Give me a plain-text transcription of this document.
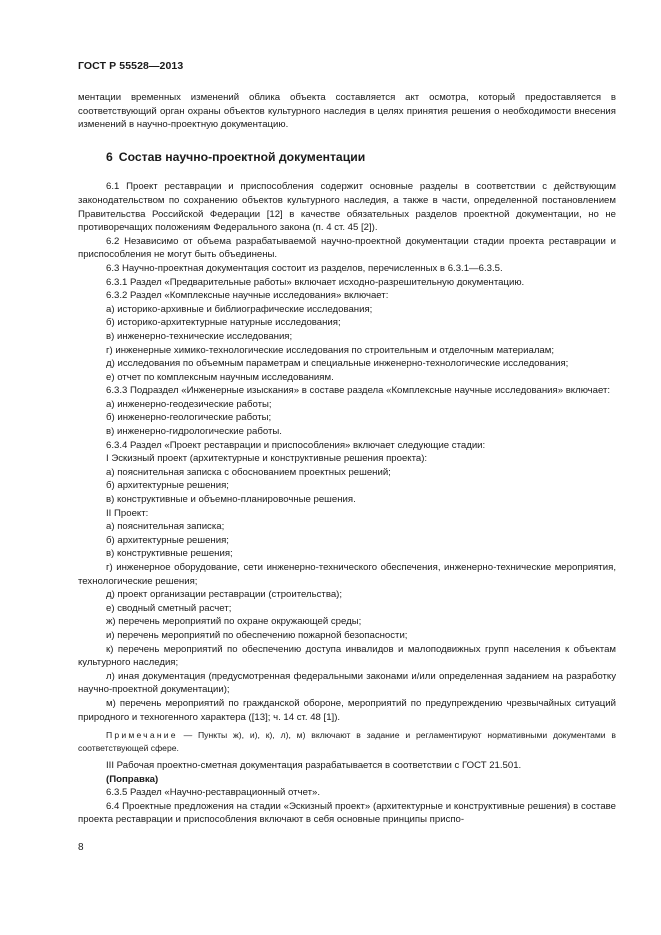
ГОСТ Р 55528—2013

ментации временных изменений облика объекта составляется акт осмотра, который предоставляется в соответствующий орган охраны объектов культурного наследия в целях принятия решения о необходимости внесения изменений в научно-проектную документацию.

6 Состав научно-проектной документации

6.1 Проект реставрации и приспособления содержит основные разделы в соответствии с действующим законодательством по сохранению объектов культурного наследия, а также в части, определенной постановлением Правительства Российской Федерации [12] в качестве обязательных разделов проектной документации, но не противоречащих положениям Федерального закона (п. 4 ст. 45 [2]).

6.2 Независимо от объема разрабатываемой научно-проектной документации стадии проекта реставрации и приспособления не могут быть объединены.

6.3 Научно-проектная документация состоит из разделов, перечисленных в 6.3.1—6.3.5.

6.3.1 Раздел «Предварительные работы» включает исходно-разрешительную документацию.

6.3.2 Раздел «Комплексные научные исследования» включает:

а) историко-архивные и библиографические исследования;

б) историко-архитектурные натурные исследования;

в) инженерно-технические исследования;

г) инженерные химико-технологические исследования по строительным и отделочным материалам;

д) исследования по объемным параметрам и специальные инженерно-технологические исследования;

е) отчет по комплексным научным исследованиям.

6.3.3 Подраздел «Инженерные изыскания» в составе раздела «Комплексные научные исследования» включает:

а) инженерно-геодезические работы;

б) инженерно-геологические работы;

в) инженерно-гидрологические работы.

6.3.4 Раздел «Проект реставрации и приспособления» включает следующие стадии:

I Эскизный проект (архитектурные и конструктивные решения проекта):

а) пояснительная записка с обоснованием проектных решений;

б) архитектурные решения;

в) конструктивные и объемно-планировочные решения.

II Проект:

а) пояснительная записка;

б) архитектурные решения;

в) конструктивные решения;

г) инженерное оборудование, сети инженерно-технического обеспечения, инженерно-технические мероприятия, технологические решения;

д) проект организации реставрации (строительства);

е) сводный сметный расчет;

ж) перечень мероприятий по охране окружающей среды;

и) перечень мероприятий по обеспечению пожарной безопасности;

к) перечень мероприятий по обеспечению доступа инвалидов и малоподвижных групп населения к объектам культурного наследия;

л) иная документация (предусмотренная федеральными законами и/или определенная заданием на разработку научно-проектной документации);

м) перечень мероприятий по гражданской обороне, мероприятий по предупреждению чрезвычайных ситуаций природного и техногенного характера ([13]; ч. 14 ст. 48 [1]).

Примечание — Пункты ж), и), к), л), м) включают в задание и регламентируют нормативными документами в соответствующей сфере.

III Рабочая проектно-сметная документация разрабатывается в соответствии с ГОСТ 21.501.

(Поправка)

6.3.5 Раздел «Научно-реставрационный отчет».

6.4 Проектные предложения на стадии «Эскизный проект» (архитектурные и конструктивные решения) в составе проекта реставрации и приспособления включают в себя основные принципы приспо-

8
